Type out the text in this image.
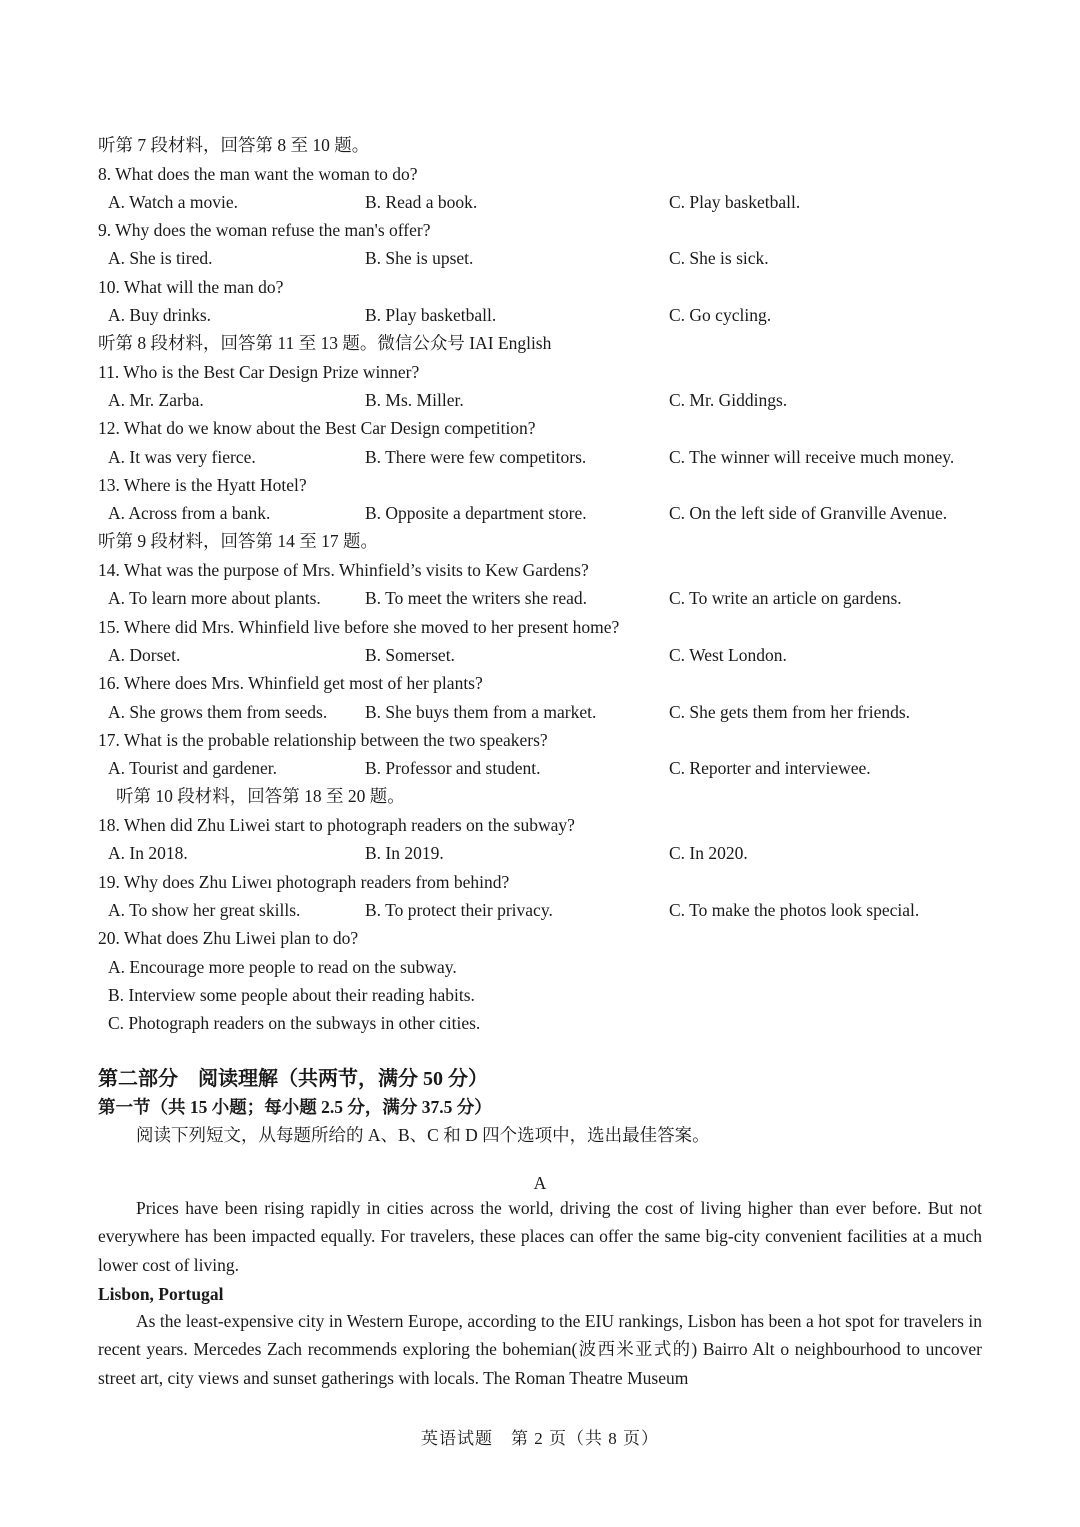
听第 7 段材料，回答第 8 至 10 题。
8. What does the man want the woman to do?
A. Watch a movie.	B. Read a book.	C. Play basketball.
9. Why does the woman refuse the man's offer?
A. She is tired.	B. She is upset.	C. She is sick.
10. What will the man do?
A. Buy drinks.	B. Play basketball.	C. Go cycling.
听第 8 段材料，回答第 11 至 13 题。微信公众号 IAI English
11. Who is the Best Car Design Prize winner?
A. Mr. Zarba.	B. Ms. Miller.	C. Mr. Giddings.
12. What do we know about the Best Car Design competition?
A. It was very fierce.	B. There were few competitors.	C. The winner will receive much money.
13. Where is the Hyatt Hotel?
A. Across from a bank.	B. Opposite a department store.	C. On the left side of Granville Avenue.
听第 9 段材料，回答第 14 至 17 题。
14. What was the purpose of Mrs. Whinfield’s visits to Kew Gardens?
A. To learn more about plants.	B. To meet the writers she read.	C. To write an article on gardens.
15. Where did Mrs. Whinfield live before she moved to her present home?
A. Dorset.	B. Somerset.	C. West London.
16. Where does Mrs. Whinfield get most of her plants?
A. She grows them from seeds. B. She buys them from a market.	C. She gets them from her friends.
17. What is the probable relationship between the two speakers?
A. Tourist and gardener.	B. Professor and student.	C. Reporter and interviewee.
听第 10 段材料，回答第 18 至 20 题。
18. When did Zhu Liwei start to photograph readers on the subway?
A. In 2018.	B. In 2019.	C. In 2020.
19. Why does Zhu Liweı photograph readers from behind?
A. To show her great skills.	B. To protect their privacy.	C. To make the photos look special.
20. What does Zhu Liwei plan to do?
A. Encourage more people to read on the subway.
B. Interview some people about their reading habits.
C. Photograph readers on the subways in other cities.
第二部分　阅读理解（共两节，满分 50 分）
第一节（共 15 小题；每小题 2.5 分，满分 37.5 分）
阅读下列短文，从每题所给的 A、B、C 和 D 四个选项中，选出最佳答案。
A
Prices have been rising rapidly in cities across the world, driving the cost of living higher than ever before. But not everywhere has been impacted equally. For travelers, these places can offer the same big-city convenient facilities at a much lower cost of living.
Lisbon, Portugal
As the least-expensive city in Western Europe, according to the EIU rankings, Lisbon has been a hot spot for travelers in recent years. Mercedes Zach recommends exploring the bohemian(波西米亚式的) Bairro Alt o neighbourhood to uncover street art, city views and sunset gatherings with locals. The Roman Theatre Museum
英语试题　第 2 页（共 8 页）
